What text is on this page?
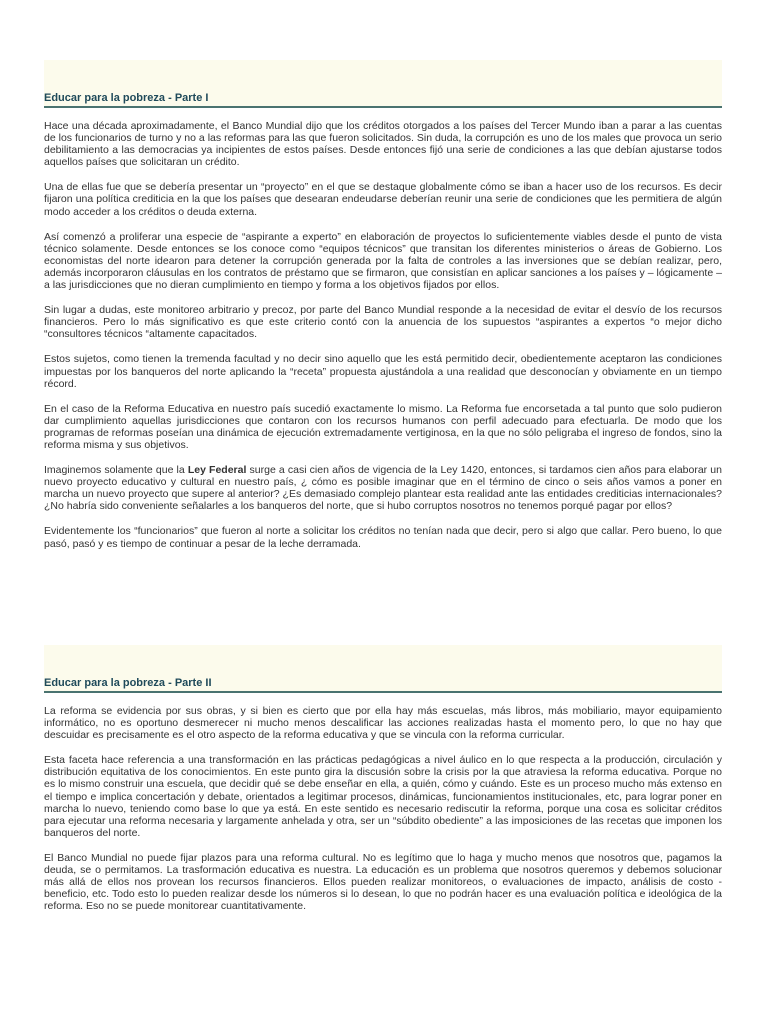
Educar para la pobreza - Parte I

Hace una década aproximadamente, el Banco Mundial dijo que los créditos otorgados a los países del Tercer Mundo iban a parar a las cuentas de los funcionarios de turno y no a las reformas para las que fueron solicitados. Sin duda, la corrupción es uno de los males que provoca un serio debilitamiento a las democracias ya incipientes de estos países. Desde entonces fijó una serie de condiciones a las que debían ajustarse todos aquellos países que solicitaran un crédito.

Una de ellas fue que se debería presentar un “proyecto” en el que se destaque globalmente cómo se iban a hacer uso de los recursos. Es decir fijaron una política crediticia en la que los países que desearan endeudarse deberían reunir una serie de condiciones que les permitiera de algún modo acceder a los créditos o deuda externa.

Así comenzó a proliferar una especie de “aspirante a experto” en elaboración de proyectos lo suficientemente viables desde el punto de vista técnico solamente. Desde entonces se los conoce como “equipos técnicos” que transitan los diferentes ministerios o áreas de Gobierno. Los economistas del norte idearon para detener la corrupción generada por la falta de controles a las inversiones que se debían realizar, pero, además incorporaron cláusulas en los contratos de préstamo que se firmaron, que consistían en aplicar sanciones a los países y – lógicamente – a las jurisdicciones que no dieran cumplimiento en tiempo y forma a los objetivos fijados por ellos.

Sin lugar a dudas, este monitoreo arbitrario y precoz, por parte del Banco Mundial responde a la necesidad de evitar el desvío de los recursos financieros. Pero lo más significativo es que este criterio contó con la anuencia de los supuestos “aspirantes a expertos “o mejor dicho “consultores técnicos “altamente capacitados.

Estos sujetos, como tienen la tremenda facultad y no decir sino aquello que les está permitido decir, obedientemente aceptaron las condiciones impuestas por los banqueros del norte aplicando la “receta” propuesta ajustándola a una realidad que desconocían y obviamente en un tiempo récord.

En el caso de la Reforma Educativa en nuestro país sucedió exactamente lo mismo. La Reforma fue encorsetada a tal punto que solo pudieron dar cumplimiento aquellas jurisdicciones que contaron con los recursos humanos con perfil adecuado para efectuarla. De modo que los programas de reformas poseían una dinámica de ejecución extremadamente vertiginosa, en la que no sólo peligraba el ingreso de fondos, sino la reforma misma y sus objetivos.

Imaginemos solamente que la Ley Federal surge a casi cien años de vigencia de la Ley 1420, entonces, si tardamos cien años para elaborar un nuevo proyecto educativo y cultural en nuestro país, ¿ cómo es posible imaginar que en el término de cinco o seis años vamos a poner en marcha un nuevo proyecto que supere al anterior? ¿Es demasiado complejo plantear esta realidad ante las entidades crediticias internacionales? ¿No habría sido conveniente señalarles a los banqueros del norte, que si hubo corruptos nosotros no tenemos porqué pagar por ellos?

Evidentemente los “funcionarios” que fueron al norte a solicitar los créditos no tenían nada que decir, pero si algo que callar. Pero bueno, lo que pasó, pasó y es tiempo de continuar a pesar de la leche derramada.

Educar para la pobreza - Parte II

La reforma se evidencia por sus obras, y si bien es cierto que por ella hay más escuelas, más libros, más mobiliario, mayor equipamiento informático, no es oportuno desmerecer ni mucho menos descalificar las acciones realizadas hasta el momento pero, lo que no hay que descuidar es precisamente es el otro aspecto de la reforma educativa y que se vincula con la reforma curricular.

Esta faceta hace referencia a una transformación en las prácticas pedagógicas a nivel áulico en lo que respecta a la producción, circulación y distribución equitativa de los conocimientos. En este punto gira la discusión sobre la crisis por la que atraviesa la reforma educativa. Porque no es lo mismo construir una escuela, que decidir qué se debe enseñar en ella, a quién, cómo y cuándo. Este es un proceso mucho más extenso en el tiempo e implica concertación y debate, orientados a legitimar procesos, dinámicas, funcionamientos institucionales, etc, para lograr poner en marcha lo nuevo, teniendo como base lo que ya está. En este sentido es necesario rediscutir la reforma, porque una cosa es solicitar créditos para ejecutar una reforma necesaria y largamente anhelada y otra, ser un “súbdito obediente” a las imposiciones de las recetas que imponen los banqueros del norte.

El Banco Mundial no puede fijar plazos para una reforma cultural. No es legítimo que lo haga y mucho menos que nosotros que, pagamos la deuda, se o permitamos. La trasformación educativa es nuestra. La educación es un problema que nosotros queremos y debemos solucionar más allá de ellos nos provean los recursos financieros. Ellos pueden realizar monitoreos, o evaluaciones de impacto, análisis de costo - beneficio, etc. Todo esto lo pueden realizar desde los números si lo desean, lo que no podrán hacer es una evaluación política e ideológica de la reforma. Eso no se puede monitorear cuantitativamente.
